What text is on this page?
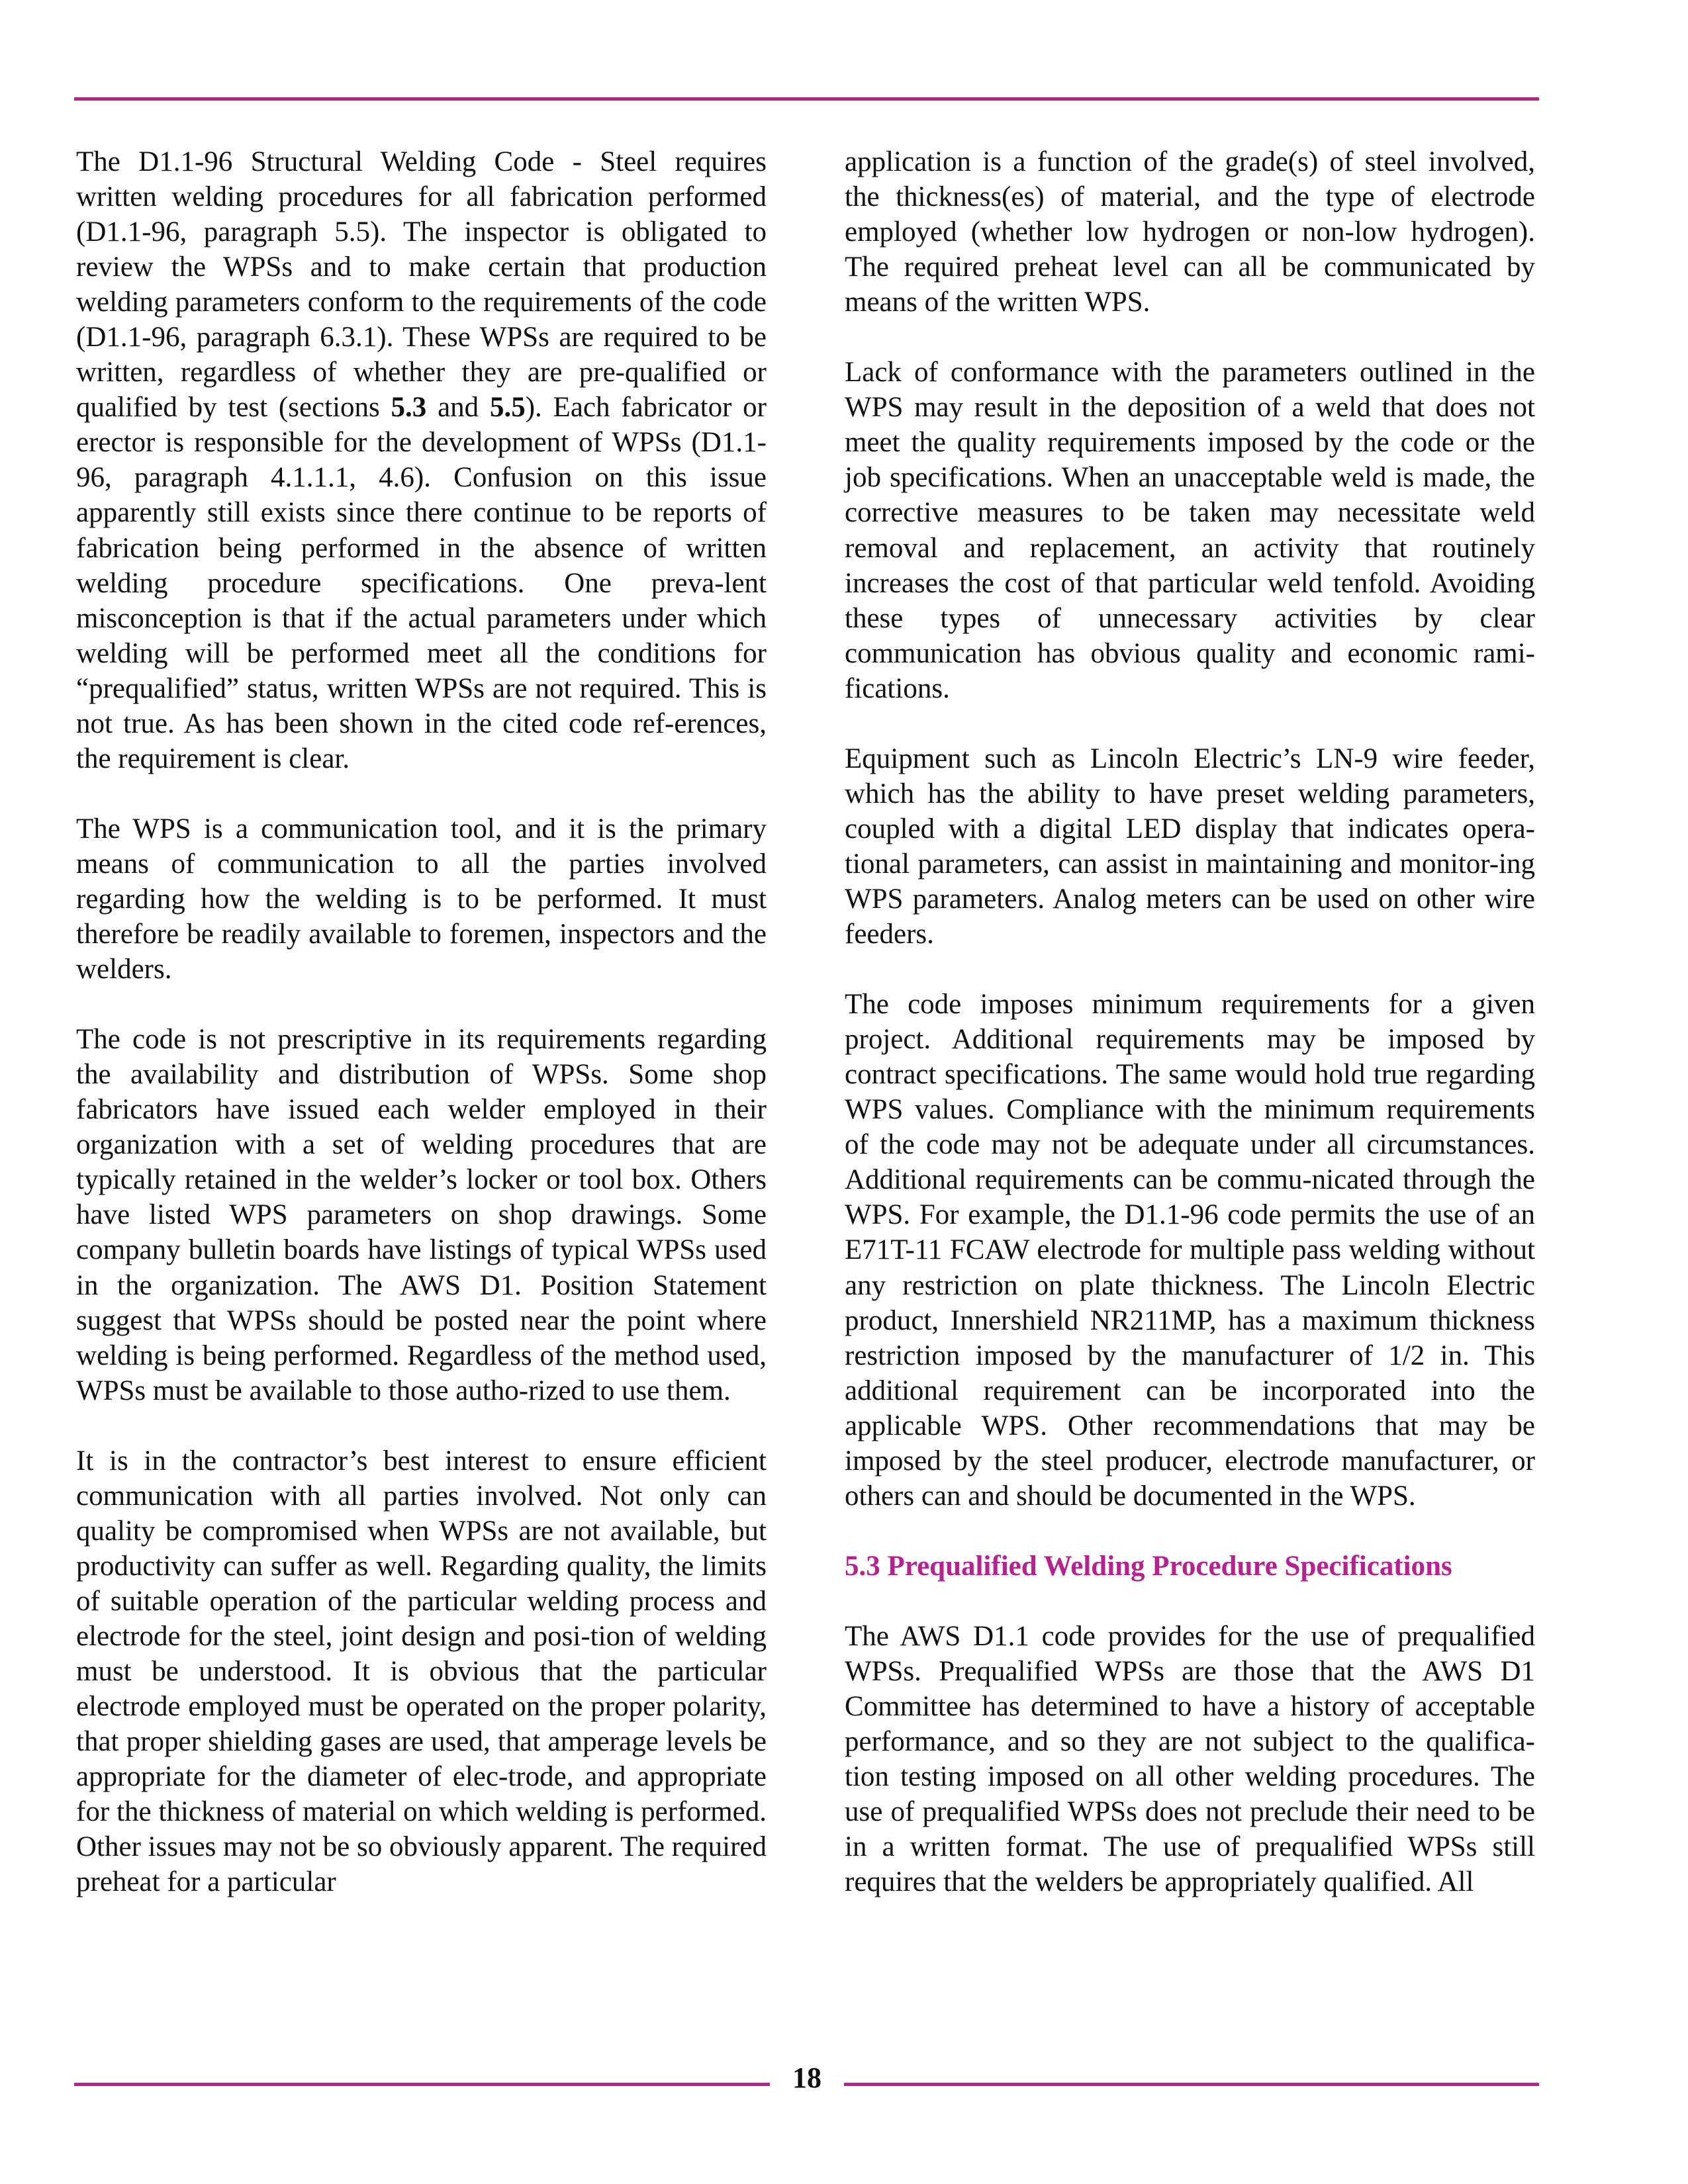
The D1.1-96 Structural Welding Code - Steel requires written welding procedures for all fabrication performed (D1.1-96, paragraph 5.5). The inspector is obligated to review the WPSs and to make certain that production welding parameters conform to the requirements of the code (D1.1-96, paragraph 6.3.1). These WPSs are required to be written, regardless of whether they are pre-qualified or qualified by test (sections 5.3 and 5.5). Each fabricator or erector is responsible for the development of WPSs (D1.1-96, paragraph 4.1.1.1, 4.6). Confusion on this issue apparently still exists since there continue to be reports of fabrication being performed in the absence of written welding procedure specifications. One preva-lent misconception is that if the actual parameters under which welding will be performed meet all the conditions for “prequalified” status, written WPSs are not required. This is not true. As has been shown in the cited code ref-erences, the requirement is clear.

The WPS is a communication tool, and it is the primary means of communication to all the parties involved regarding how the welding is to be performed. It must therefore be readily available to foremen, inspectors and the welders.

The code is not prescriptive in its requirements regarding the availability and distribution of WPSs. Some shop fabricators have issued each welder employed in their organization with a set of welding procedures that are typically retained in the welder’s locker or tool box. Others have listed WPS parameters on shop drawings. Some company bulletin boards have listings of typical WPSs used in the organization. The AWS D1. Position Statement suggest that WPSs should be posted near the point where welding is being performed. Regardless of the method used, WPSs must be available to those autho-rized to use them.

It is in the contractor’s best interest to ensure efficient communication with all parties involved. Not only can quality be compromised when WPSs are not available, but productivity can suffer as well. Regarding quality, the limits of suitable operation of the particular welding process and electrode for the steel, joint design and posi-tion of welding must be understood. It is obvious that the particular electrode employed must be operated on the proper polarity, that proper shielding gases are used, that amperage levels be appropriate for the diameter of elec-trode, and appropriate for the thickness of material on which welding is performed. Other issues may not be so obviously apparent. The required preheat for a particular

application is a function of the grade(s) of steel involved, the thickness(es) of material, and the type of electrode employed (whether low hydrogen or non-low hydrogen). The required preheat level can all be communicated by means of the written WPS.

Lack of conformance with the parameters outlined in the WPS may result in the deposition of a weld that does not meet the quality requirements imposed by the code or the job specifications. When an unacceptable weld is made, the corrective measures to be taken may necessitate weld removal and replacement, an activity that routinely increases the cost of that particular weld tenfold. Avoiding these types of unnecessary activities by clear communication has obvious quality and economic rami-fications.

Equipment such as Lincoln Electric’s LN-9 wire feeder, which has the ability to have preset welding parameters, coupled with a digital LED display that indicates opera-tional parameters, can assist in maintaining and monitor-ing WPS parameters. Analog meters can be used on other wire feeders.

The code imposes minimum requirements for a given project. Additional requirements may be imposed by contract specifications. The same would hold true regarding WPS values. Compliance with the minimum requirements of the code may not be adequate under all circumstances. Additional requirements can be commu-nicated through the WPS. For example, the D1.1-96 code permits the use of an E71T-11 FCAW electrode for multiple pass welding without any restriction on plate thickness. The Lincoln Electric product, Innershield NR211MP, has a maximum thickness restriction imposed by the manufacturer of 1/2 in. This additional requirement can be incorporated into the applicable WPS. Other recommendations that may be imposed by the steel producer, electrode manufacturer, or others can and should be documented in the WPS.

5.3 Prequalified Welding Procedure Specifications

The AWS D1.1 code provides for the use of prequalified WPSs. Prequalified WPSs are those that the AWS D1 Committee has determined to have a history of acceptable performance, and so they are not subject to the qualifica-tion testing imposed on all other welding procedures. The use of prequalified WPSs does not preclude their need to be in a written format. The use of prequalified WPSs still requires that the welders be appropriately qualified. All

18
